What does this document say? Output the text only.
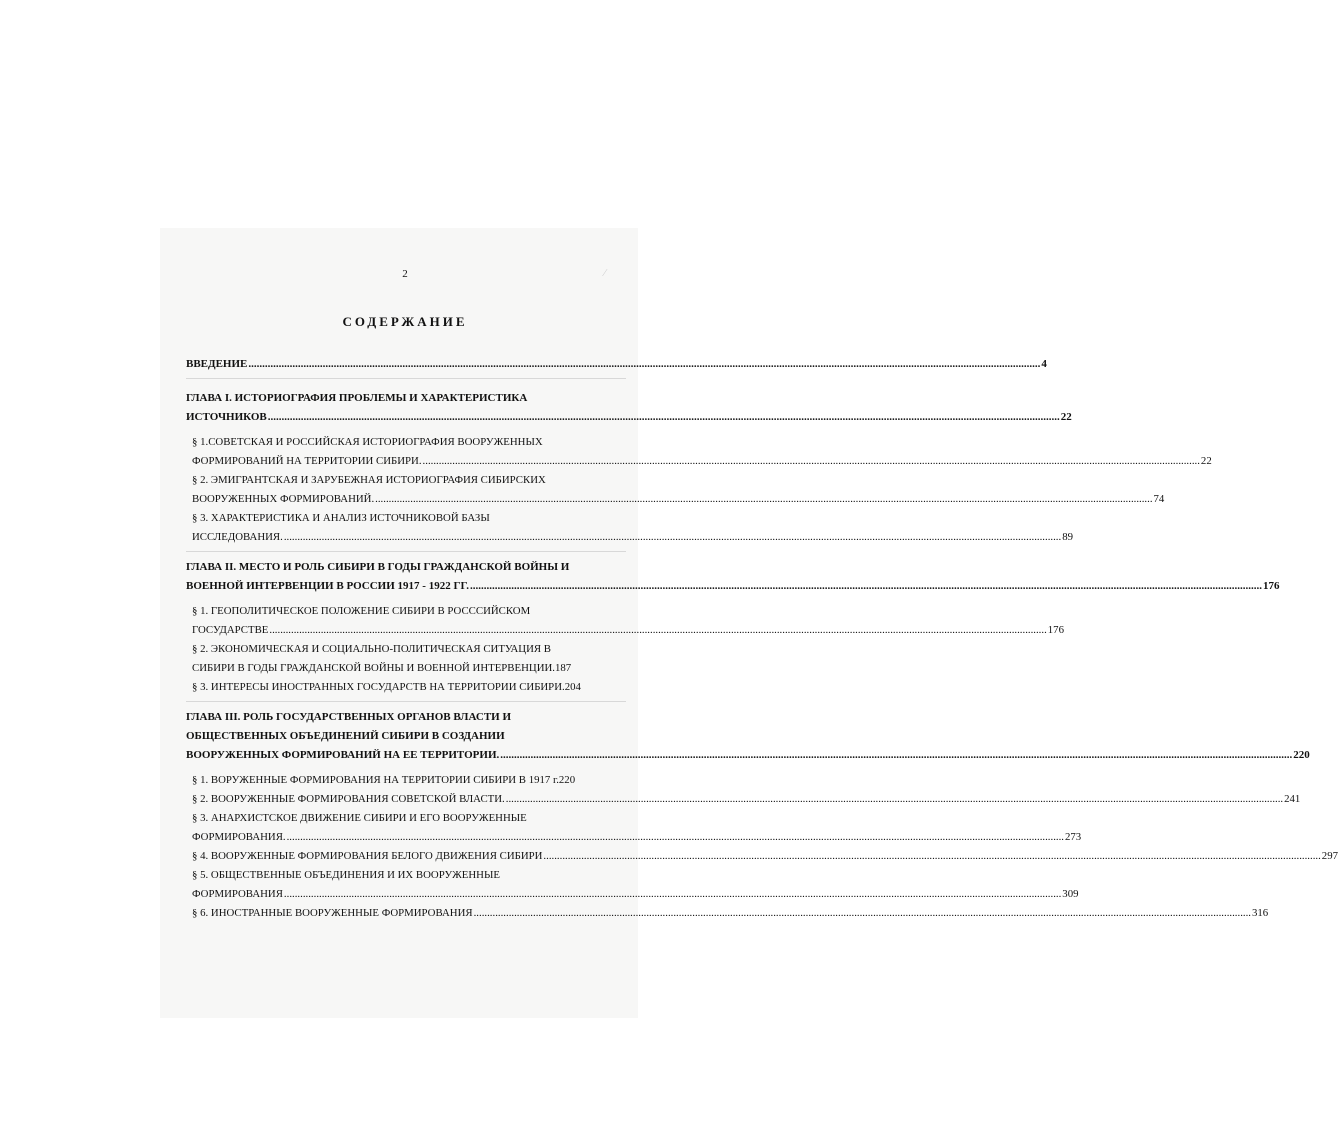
2	⁄
СОДЕРЖАНИЕ
ВВЕДЕНИЕ .....	4
ГЛАВА I. ИСТОРИОГРАФИЯ ПРОБЛЕМЫ И ХАРАКТЕРИСТИКА
ИСТОЧНИКОВ .....	22
§ 1.СОВЕТСКАЯ И РОССИЙСКАЯ ИСТОРИОГРАФИЯ ВООРУЖЕННЫХ
ФОРМИРОВАНИЙ НА ТЕРРИТОРИИ СИБИРИ. .....	22
§ 2. ЭМИГРАНТСКАЯ И ЗАРУБЕЖНАЯ ИСТОРИОГРАФИЯ СИБИРСКИХ
ВООРУЖЕННЫХ ФОРМИРОВАНИЙ. .....	74
§ 3. ХАРАКТЕРИСТИКА И АНАЛИЗ ИСТОЧНИКОВОЙ БАЗЫ
ИССЛЕДОВАНИЯ. .....	89
ГЛАВА II. МЕСТО И РОЛЬ СИБИРИ В ГОДЫ ГРАЖДАНСКОЙ ВОЙНЫ И
ВОЕННОЙ ИНТЕРВЕНЦИИ В РОССИИ 1917 - 1922 ГГ. .....	176
§ 1. ГЕОПОЛИТИЧЕСКОЕ ПОЛОЖЕНИЕ СИБИРИ В РОСССИЙСКОМ
ГОСУДАРСТВЕ .....	176
§ 2. ЭКОНОМИЧЕСКАЯ И СОЦИАЛЬНО-ПОЛИТИЧЕСКАЯ СИТУАЦИЯ В
СИБИРИ В ГОДЫ ГРАЖДАНСКОЙ ВОЙНЫ И ВОЕННОЙ ИНТЕРВЕНЦИИ. 187
§ 3. ИНТЕРЕСЫ ИНОСТРАННЫХ ГОСУДАРСТВ НА ТЕРРИТОРИИ СИБИРИ. 204
ГЛАВА III. РОЛЬ ГОСУДАРСТВЕННЫХ ОРГАНОВ ВЛАСТИ И
ОБЩЕСТВЕННЫХ ОБЪЕДИНЕНИЙ СИБИРИ В СОЗДАНИИ
ВООРУЖЕННЫХ ФОРМИРОВАНИЙ НА ЕЕ ТЕРРИТОРИИ. .....	220
§ 1. ВОРУЖЕННЫЕ ФОРМИРОВАНИЯ НА ТЕРРИТОРИИ СИБИРИ В 1917 г. 220
§ 2. ВООРУЖЕННЫЕ ФОРМИРОВАНИЯ СОВЕТСКОЙ ВЛАСТИ. .....	241
§ 3. АНАРХИСТСКОЕ ДВИЖЕНИЕ СИБИРИ И ЕГО ВООРУЖЕННЫЕ
ФОРМИРОВАНИЯ. .....	273
§ 4. ВООРУЖЕННЫЕ ФОРМИРОВАНИЯ БЕЛОГО ДВИЖЕНИЯ СИБИРИ .....	297
§ 5. ОБЩЕСТВЕННЫЕ ОБЪЕДИНЕНИЯ И ИХ ВООРУЖЕННЫЕ
ФОРМИРОВАНИЯ .....	309
§ 6. ИНОСТРАННЫЕ ВООРУЖЕННЫЕ ФОРМИРОВАНИЯ .....	316
